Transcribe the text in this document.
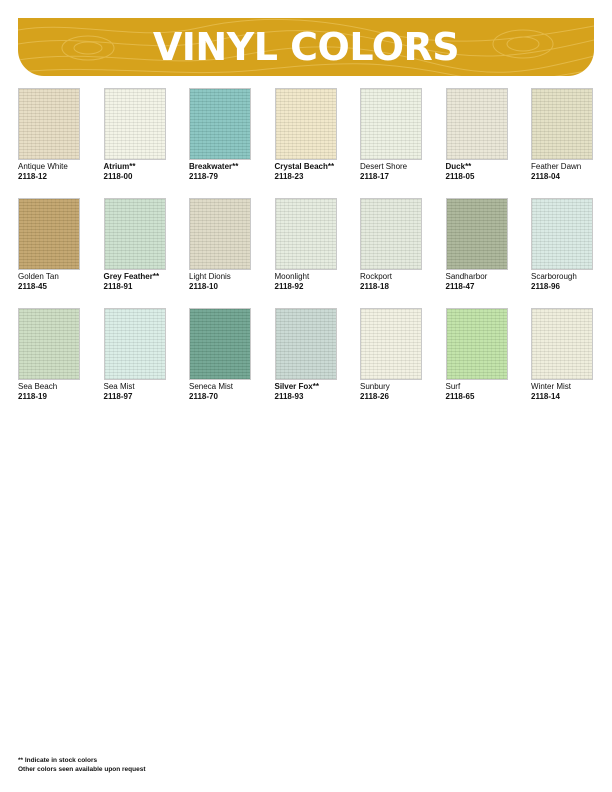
VINYL COLORS
Antique White
2118-12
Atrium**
2118-00
Breakwater**
2118-79
Crystal Beach**
2118-23
Desert Shore
2118-17
Duck**
2118-05
Feather Dawn
2118-04
Golden Tan
2118-45
Grey Feather**
2118-91
Light Dionis
2118-10
Moonlight
2118-92
Rockport
2118-18
Sandharbor
2118-47
Scarborough
2118-96
Sea Beach
2118-19
Sea Mist
2118-97
Seneca Mist
2118-70
Silver Fox**
2118-93
Sunbury
2118-26
Surf
2118-65
Winter Mist
2118-14
** Indicate in stock colors
Other colors seen available upon request
